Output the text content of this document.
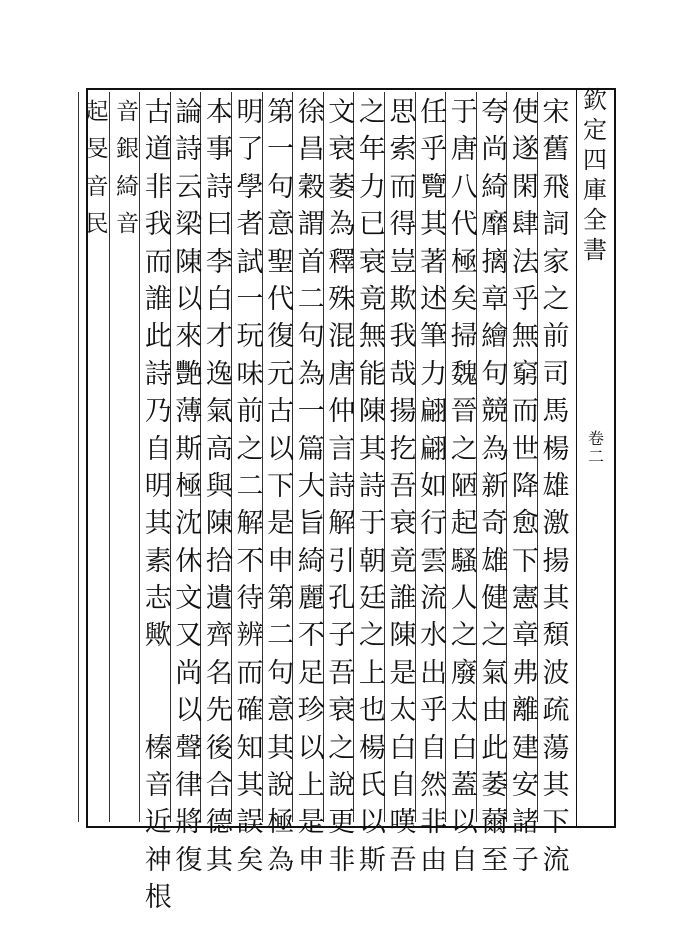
欽
定
四
庫
全
書
卷
二
宋
舊
飛
詞
家
之
前
司
馬
楊
雄
激
揚
其
頹
波
疏
蕩
其
下
流
使
遂
閑
肆
法
乎
無
窮
而
世
降
愈
下
憲
章
弗
離
建
安
諸
子
夸
尚
綺
靡
摛
章
繪
句
競
為
新
奇
雄
健
之
氣
由
此
萎
薾
至
于
唐
八
代
極
矣
掃
魏
晉
之
陋
起
騷
人
之
廢
太
白
蓋
以
自
任
乎
覽
其
著
述
筆
力
翩
翩
如
行
雲
流
水
出
乎
自
然
非
由
思
索
而
得
豈
欺
我
哉
揚
扢
吾
衰
竟
誰
陳
是
太
白
自
嘆
吾
之
年
力
已
衰
竟
無
能
陳
其
詩
于
朝
廷
之
上
也
楊
氏
以
斯
文
衰
萎
為
釋
殊
混
唐
仲
言
詩
解
引
孔
子
吾
衰
之
說
更
非
徐
昌
穀
謂
首
二
句
為
一
篇
大
旨
綺
麗
不
足
珍
以
上
是
申
第
一
句
意
聖
代
復
元
古
以
下
是
申
第
二
句
意
其
說
極
為
明
了
學
者
試
一
玩
味
前
之
二
解
不
待
辨
而
確
知
其
誤
矣
本
事
詩
曰
李
白
才
逸
氣
高
與
陳
拾
遺
齊
名
先
後
合
德
其
論
詩
云
梁
陳
以
來
艷
薄
斯
極
沈
休
文
又
尚
以
聲
律
將
復
古
道
非
我
而
誰
此
詩
乃
自
明
其
素
志
歟

榛
音
近
神
根
音
銀
綺
音
起
旻
音
民
